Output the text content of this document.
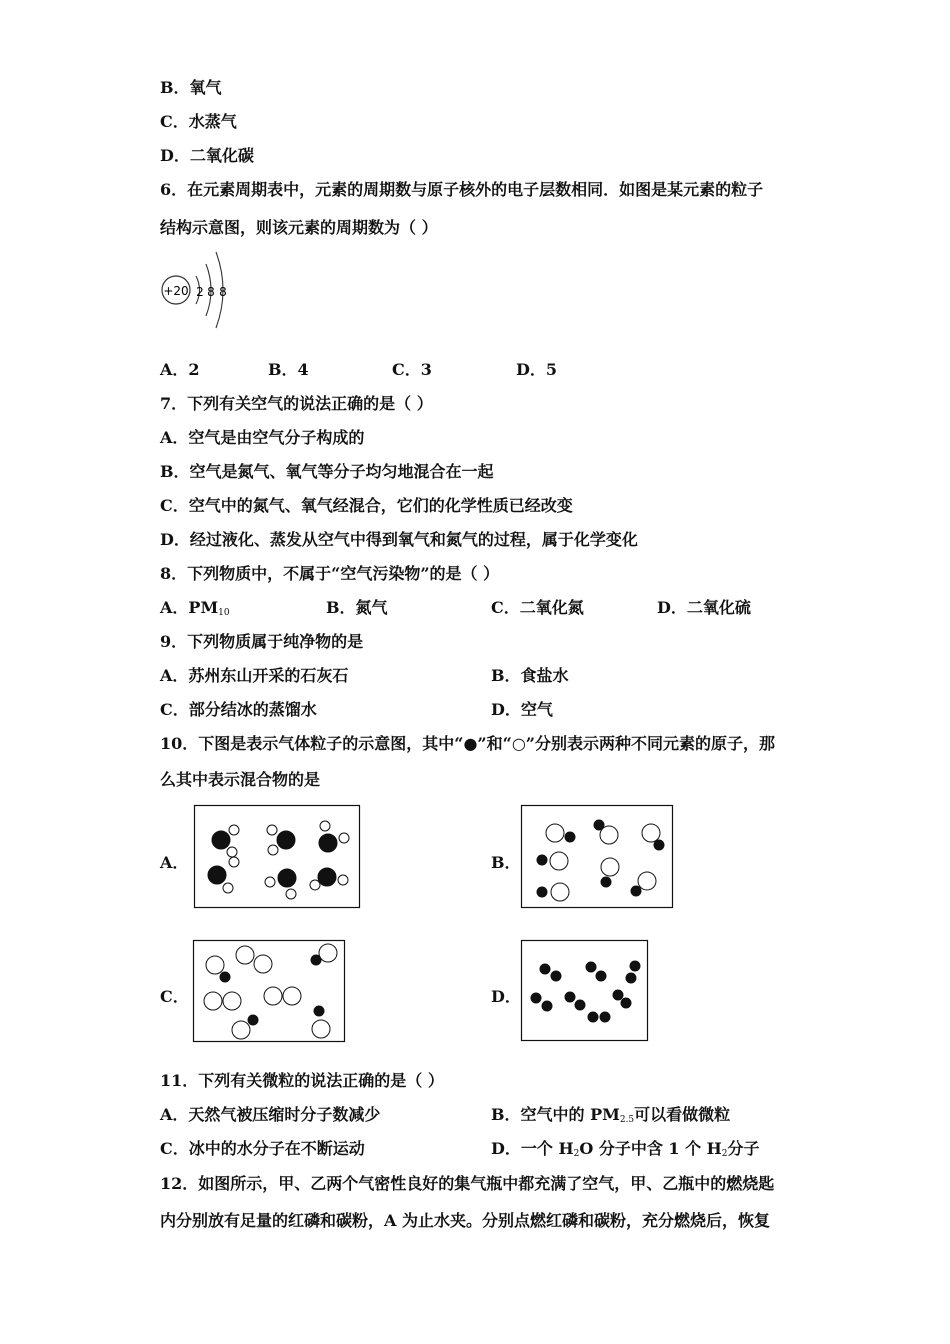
B．氧气
C．水蒸气
D．二氧化碳
6．在元素周期表中，元素的周期数与原子核外的电子层数相同．如图是某元素的粒子
结构示意图，则该元素的周期数为（ ）
+20 2 8 8
A．2	B．4	C．3	D．5
7．下列有关空气的说法正确的是（ ）
A．空气是由空气分子构成的
B．空气是氮气、氧气等分子均匀地混合在一起
C．空气中的氮气、氧气经混合，它们的化学性质已经改变
D．经过液化、蒸发从空气中得到氧气和氮气的过程，属于化学变化
8．下列物质中，不属于“空气污染物”的是（ ）
A．$PM_{10}$	B．氮气	C．二氧化氮	D．二氧化硫
9．下列物质属于纯净物的是
A．苏州东山开采的石灰石	B．食盐水
C．部分结冰的蒸馏水	D．空气
10．下图是表示气体粒子的示意图，其中“●”和“○”分别表示两种不同元素的原子，那
么其中表示混合物的是
A．	B．
C．	D．
11．下列有关微粒的说法正确的是（ ）
A．天然气被压缩时分子数减少	B．空气中的 $PM_{2.5}$可以看做微粒
C．冰中的水分子在不断运动	D．一个 $H_2O$ 分子中含 1 个 $H_2$分子
12．如图所示，甲、乙两个气密性良好的集气瓶中都充满了空气，甲、乙瓶中的燃烧匙
内分别放有足量的红磷和碳粉，A 为止水夹。分别点燃红磷和碳粉，充分燃烧后，恢复
